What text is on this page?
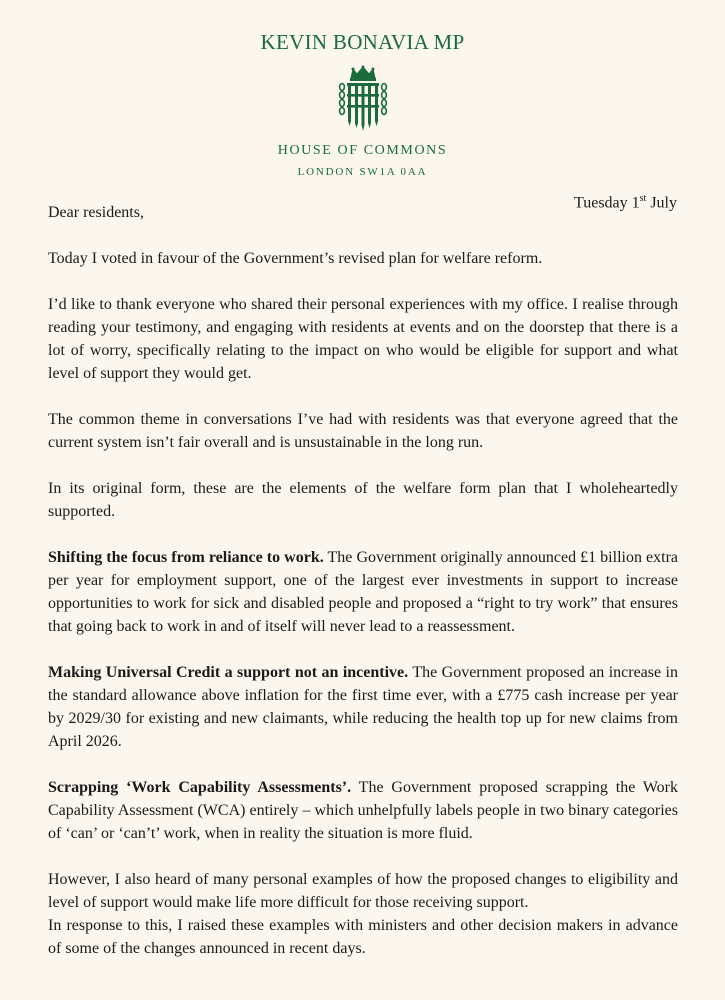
KEVIN BONAVIA MP
HOUSE OF COMMONS
LONDON SW1A 0AA
Tuesday 1st July

Dear residents,

Today I voted in favour of the Government’s revised plan for welfare reform.

I’d like to thank everyone who shared their personal experiences with my office. I realise through reading your testimony, and engaging with residents at events and on the doorstep that there is a lot of worry, specifically relating to the impact on who would be eligible for support and what level of support they would get.

The common theme in conversations I’ve had with residents was that everyone agreed that the current system isn’t fair overall and is unsustainable in the long run.

In its original form, these are the elements of the welfare form plan that I wholeheartedly supported.

Shifting the focus from reliance to work. The Government originally announced £1 billion extra per year for employment support, one of the largest ever investments in support to increase opportunities to work for sick and disabled people and proposed a “right to try work” that ensures that going back to work in and of itself will never lead to a reassessment.

Making Universal Credit a support not an incentive. The Government proposed an increase in the standard allowance above inflation for the first time ever, with a £775 cash increase per year by 2029/30 for existing and new claimants, while reducing the health top up for new claims from April 2026.

Scrapping ‘Work Capability Assessments’. The Government proposed scrapping the Work Capability Assessment (WCA) entirely – which unhelpfully labels people in two binary categories of ‘can’ or ‘can’t’ work, when in reality the situation is more fluid.

However, I also heard of many personal examples of how the proposed changes to eligibility and level of support would make life more difficult for those receiving support.

In response to this, I raised these examples with ministers and other decision makers in advance of some of the changes announced in recent days.
